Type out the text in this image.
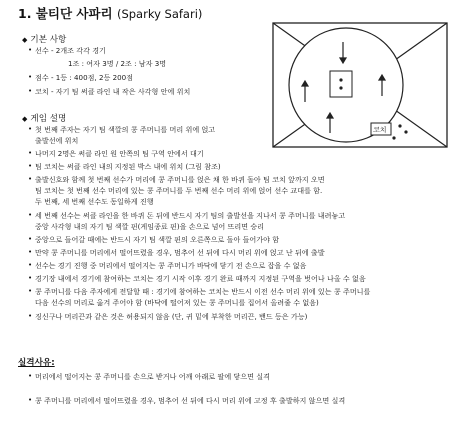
1. 불티단 사파리 (Sparky Safari)
◆ 기본 사항
• 선수 - 2개조 각각 경기
1조 : 여자 3명 / 2조 : 남자 3명
• 점수 - 1등 : 400점, 2등 200점
• 코치 - 자기 팀 써클 라인 내 작은 사각형 안에 위치
◆ 게임 설명
• 첫 번째 주자는 자기 팀 색깔의 콩 주머니를 머리 위에 얹고
출발선에 위치
• 나머지 2명은 써클 라인 원 안쪽의 팀 구역 안에서 대기
• 팀 코치는 써클 라인 내의 지정된 박스 내에 위치 (그림 참조)
• 출발신호와 함께 첫 번째 선수가 머리에 콩 주머니를 얹은 채 한 바퀴 돌아 팀 코치 앞까지 오면
팀 코치는 첫 번째 선수 머리에 있는 콩 주머니를 두 번째 선수 머리 위에 얹어 선수 교대를 함.
두 번째, 세 번째 선수도 동일하게 진행
• 세 번째 선수는 써클 라인을 한 바퀴 돈 뒤에 반드시 자기 팀의 출발선을 지나서 콩 주머니를 내려놓고
중앙 사각형 내의 자기 팀 색깔 핀(게임종료 핀)을 손으로 넘어 뜨리면 승리
• 중앙으로 들어갈 때에는 반드시 자기 팀 색깔 핀의 오른쪽으로 돌아 들어가야 함
• 만약 콩 주머니를 머리에서 떨어뜨렸을 경우, 멈추어 선 뒤에 다시 머리 위에 얹고 난 뒤에 출발
• 선수는 경기 진행 중 머리에서 떨어지는 콩 주머니가 바닥에 닿기 전 손으로 잡을 수 없음
• 경기장 내에서 경기에 참여하는 코치는 경기 시작 이후 경기 완료 때까지 지정된 구역을 벗어나 나올 수 없음
• 콩 주머니를 다음 주자에게 전달할 때 : 경기에 참여하는 코치는 반드시 이전 선수 머리 위에 있는 콩 주머니를
다음 선수의 머리로 옮겨 주어야 함 (바닥에 떨어져 있는 콩 주머니를 집어서 올려줄 수 없음)
• 징신구나 머리끈과 같은 것은 허용되지 않음 (단, 귀 밑에 부착한 머리끈, 밴드 등은 가능)
실격사유:
• 머리에서 떨어지는 콩 주머니를 손으로 받거나 어깨 아래로 팔에 닿으면 실격
• 콩 주머니를 머리에서 떨어뜨렸을 경우, 멈추어 선 뒤에 다시 머리 위에 고정 후 출발하지 않으면 실격
코치
